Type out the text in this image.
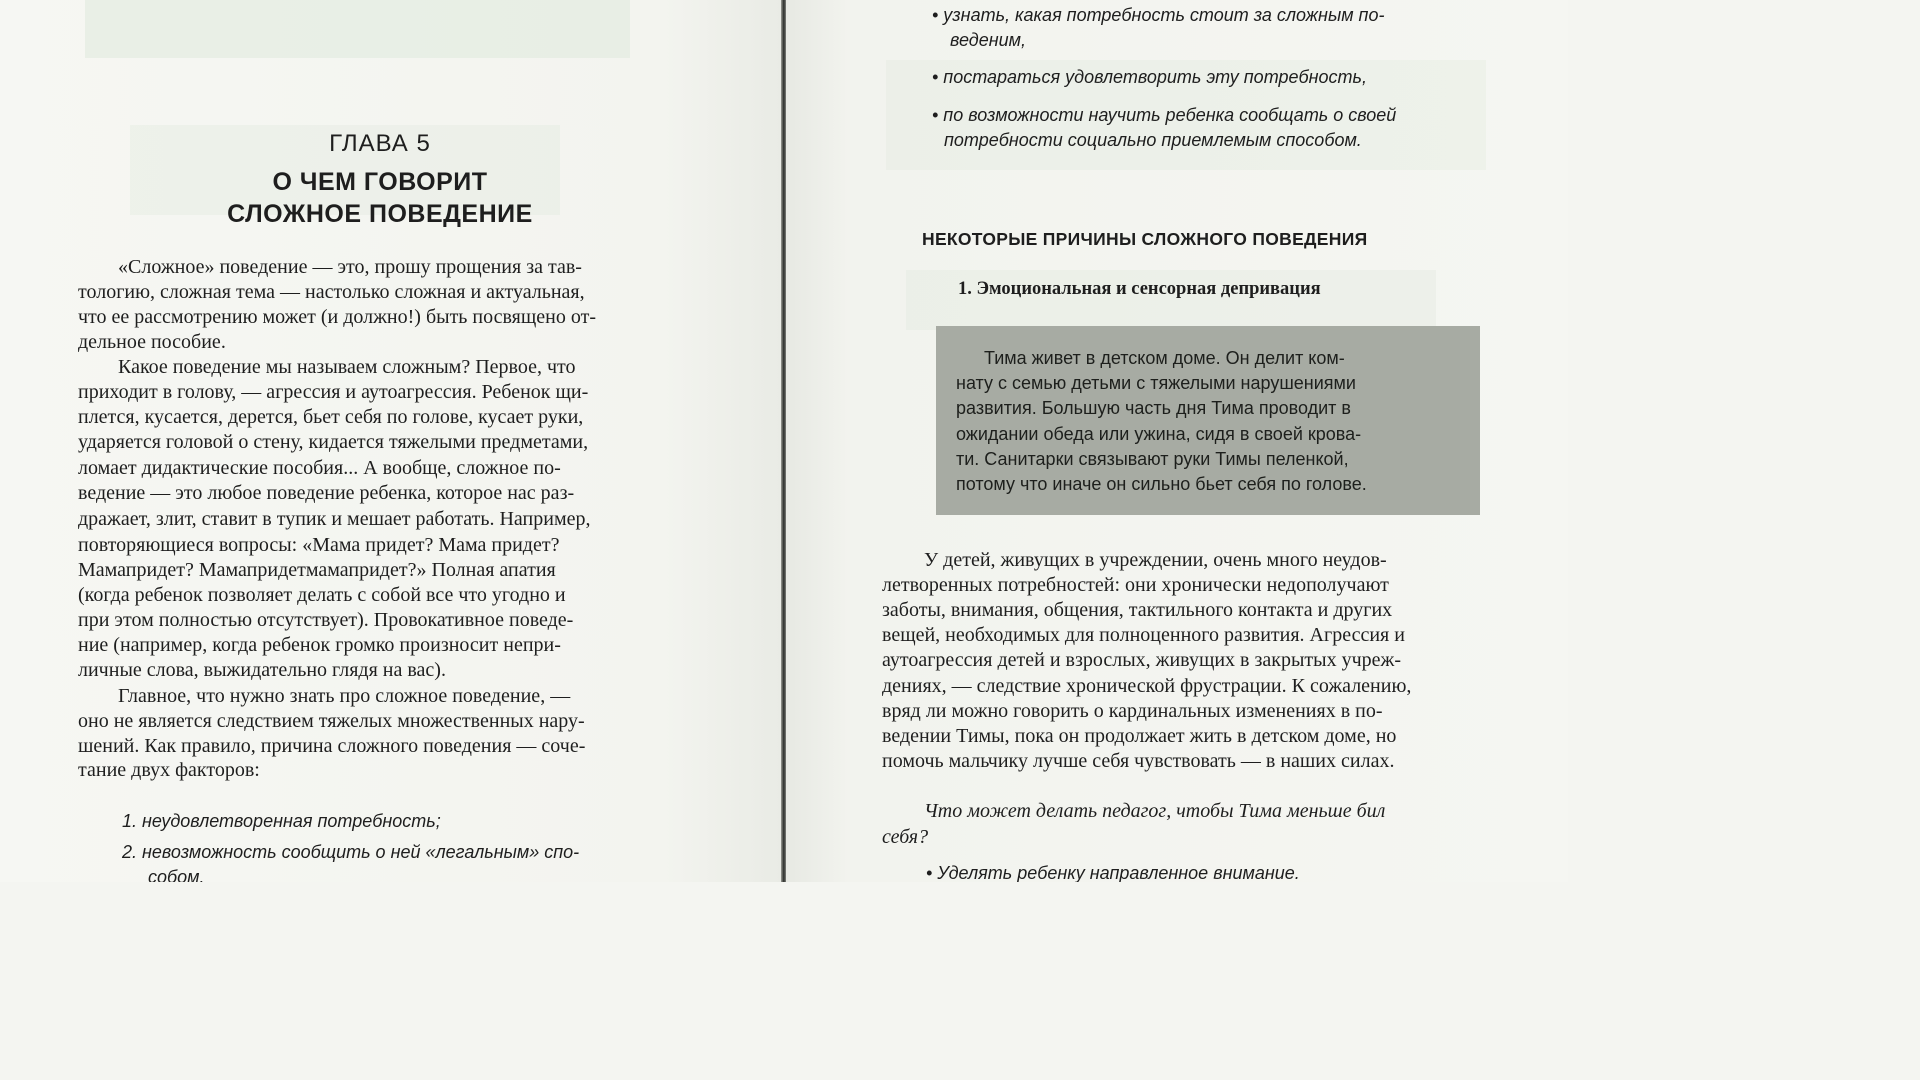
ГЛАВА 5
О ЧЕМ ГОВОРИТ
СЛОЖНОЕ ПОВЕДЕНИЕ
«Сложное» поведение — это, прошу прощения за тав-
тологию, сложная тема — настолько сложная и актуальная,
что ее рассмотрению может (и должно!) быть посвящено от-
дельное пособие.
Какое поведение мы называем сложным? Первое, что
приходит в голову, — агрессия и аутоагрессия. Ребенок щи-
плется, кусается, дерется, бьет себя по голове, кусает руки,
ударяется головой о стену, кидается тяжелыми предметами,
ломает дидактические пособия... А вообще, сложное по-
ведение — это любое поведение ребенка, которое нас раз-
дражает, злит, ставит в тупик и мешает работать. Например,
повторяющиеся вопросы: «Мама придет? Мама придет?
Мамапридет? Мамапридетмамапридет?» Полная апатия
(когда ребенок позволяет делать с собой все что угодно и
при этом полностью отсутствует). Провокативное поведе-
ние (например, когда ребенок громко произносит непри-
личные слова, выжидательно глядя на вас).
Главное, что нужно знать про сложное поведение, —
оно не является следствием тяжелых множественных нару-
шений. Как правило, причина сложного поведения — соче-
тание двух факторов:
1. неудовлетворенная потребность;
2. невозможность сообщить о ней «легальным» спо-
собом.
• узнать, какая потребность стоит за сложным по-
веденим,
• постараться удовлетворить эту потребность,
• по возможности научить ребенка сообщать о своей
потребности социально приемлемым способом.
НЕКОТОРЫЕ ПРИЧИНЫ СЛОЖНОГО ПОВЕДЕНИЯ
1. Эмоциональная и сенсорная депривация
Тима живет в детском доме. Он делит ком-
нату с семью детьми с тяжелыми нарушениями
развития. Большую часть дня Тима проводит в
ожидании обеда или ужина, сидя в своей крова-
ти. Санитарки связывают руки Тимы пеленкой,
потому что иначе он сильно бьет себя по голове.
У детей, живущих в учреждении, очень много неудов-
летворенных потребностей: они хронически недополучают
заботы, внимания, общения, тактильного контакта и других
вещей, необходимых для полноценного развития. Агрессия и
аутоагрессия детей и взрослых, живущих в закрытых учреж-
дениях, — следствие хронической фрустрации. К сожалению,
вряд ли можно говорить о кардинальных изменениях в по-
ведении Тимы, пока он продолжает жить в детском доме, но
помочь мальчику лучше себя чувствовать — в наших силах.
Что может делать педагог, чтобы Тима меньше бил
себя?
• Уделять ребенку направленное внимание.
